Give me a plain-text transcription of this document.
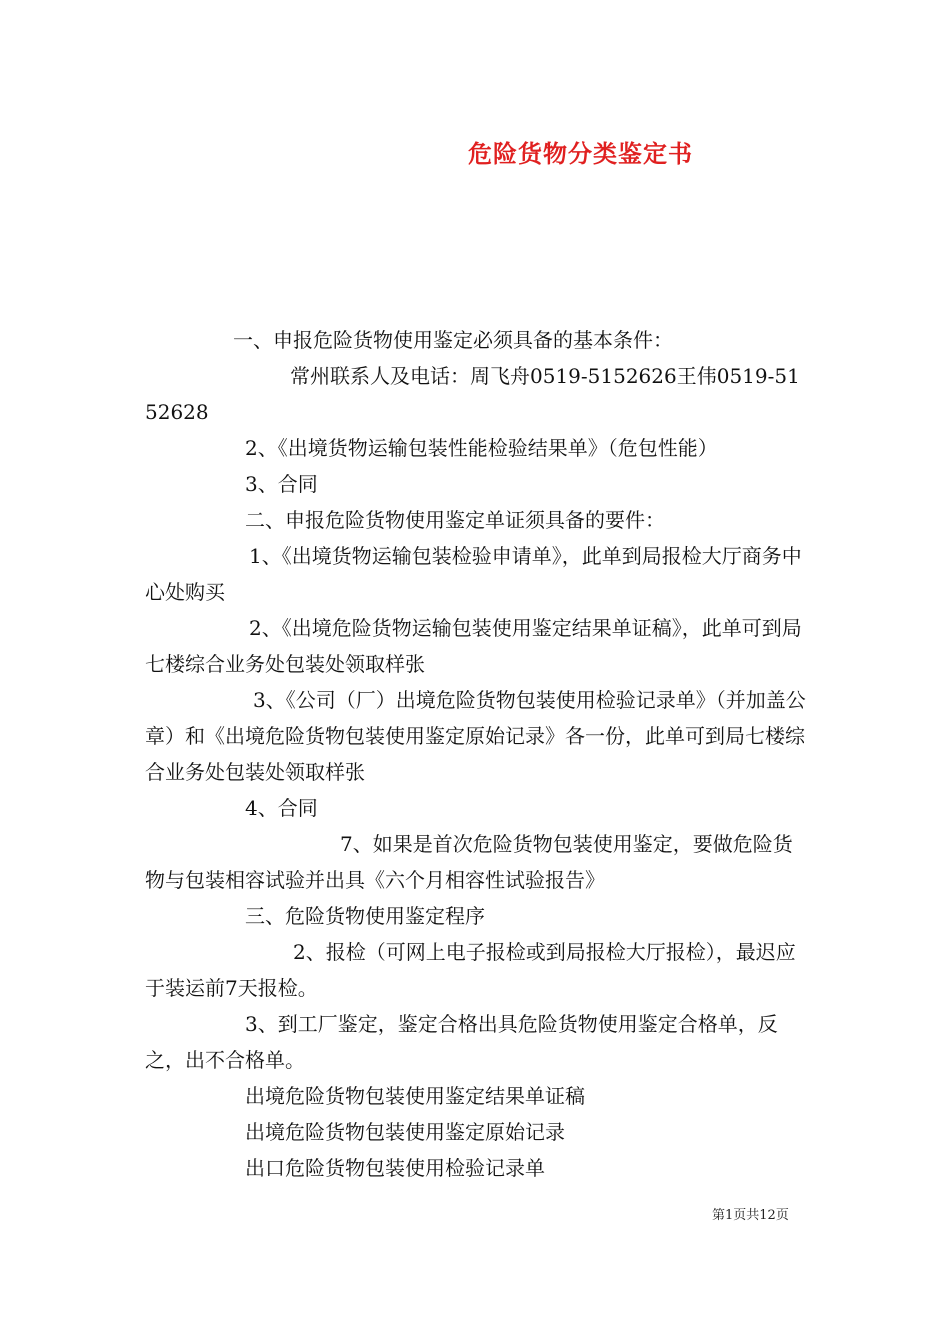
危险货物分类鉴定书

一、申报危险货物使用鉴定必须具备的基本条件：

常州联系人及电话：周飞舟0519-5152626王伟0519-5152628

2、《出境货物运输包装性能检验结果单》（危包性能）

3、合同

二、申报危险货物使用鉴定单证须具备的要件：

1、《出境货物运输包装检验申请单》，此单到局报检大厅商务中心处购买

2、《出境危险货物运输包装使用鉴定结果单证稿》，此单可到局七楼综合业务处包装处领取样张

3、《公司（厂）出境危险货物包装使用检验记录单》（并加盖公章）和《出境危险货物包装使用鉴定原始记录》各一份，此单可到局七楼综合业务处包装处领取样张

4、合同

7、如果是首次危险货物包装使用鉴定，要做危险货物与包装相容试验并出具《六个月相容性试验报告》

三、危险货物使用鉴定程序

2、报检（可网上电子报检或到局报检大厅报检），最迟应于装运前7天报检。

3、到工厂鉴定，鉴定合格出具危险货物使用鉴定合格单，反之，出不合格单。

出境危险货物包装使用鉴定结果单证稿

出境危险货物包装使用鉴定原始记录

出口危险货物包装使用检验记录单

第1页共12页
